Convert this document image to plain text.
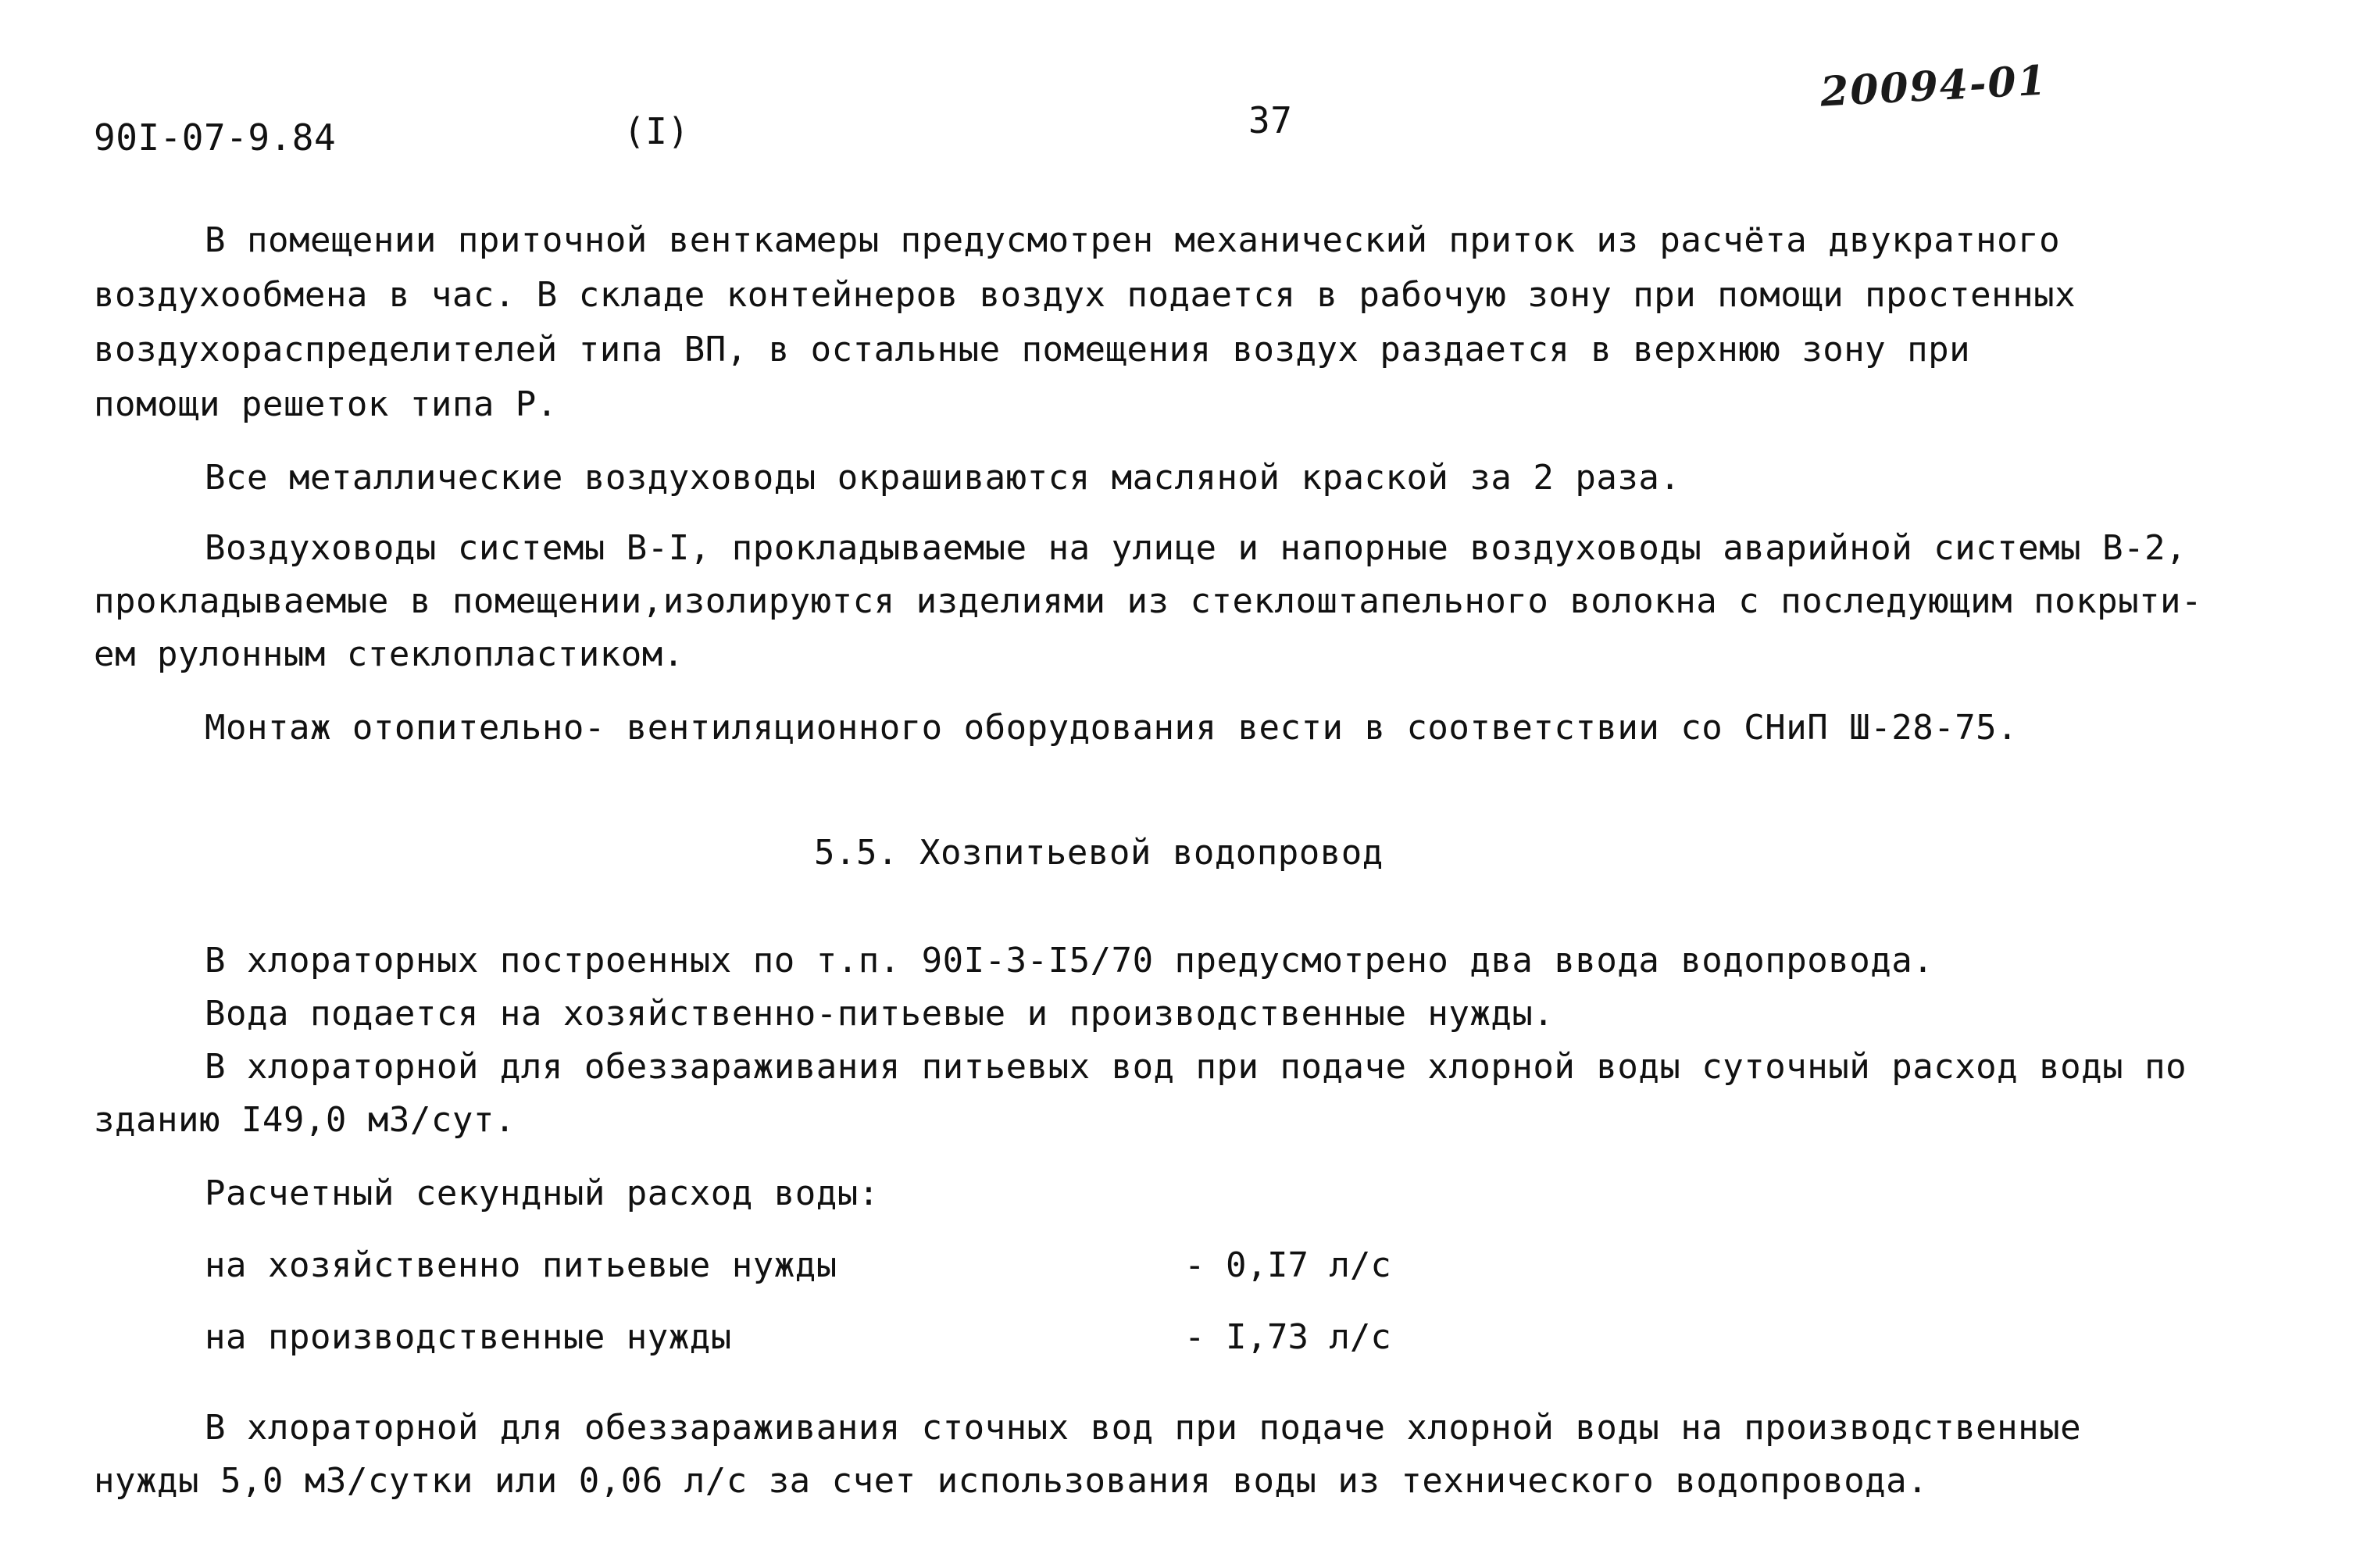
90I-07-9.84	(I)	37
20094-01
В помещении приточной венткамеры предусмотрен механический приток из расчёта двукратного
воздухообмена в час. В складе контейнеров воздух подается в рабочую зону при помощи простенных
воздухораспределителей типа ВП, в остальные помещения воздух раздается в верхнюю зону при
помощи решеток типа Р.
Все металлические воздуховоды окрашиваются масляной краской за 2 раза.
Воздуховоды системы В-I, прокладываемые на улице и напорные воздуховоды аварийной системы В-2,
прокладываемые в помещении,изолируются изделиями из стеклоштапельного волокна с последующим покрыти-
ем рулонным стеклопластиком.
Монтаж отопительно- вентиляционного оборудования вести в соответствии со СНиП Ш-28-75.
5.5. Хозпитьевой водопровод
В хлораторных построенных по т.п. 90I-3-I5/70 предусмотрено два ввода водопровода.
Вода подается на хозяйственно-питьевые и производственные нужды.
В хлораторной для обеззараживания питьевых вод при подаче хлорной воды суточный расход воды по
зданию I49,0 м3/сут.
Расчетный секундный расход воды:
на хозяйственно питьевые нужды	- 0,I7 л/с
на производственные нужды	- I,73 л/с
В хлораторной для обеззараживания сточных вод при подаче хлорной воды на производственные
нужды 5,0 м3/сутки или 0,06 л/с за счет использования воды из технического водопровода.
